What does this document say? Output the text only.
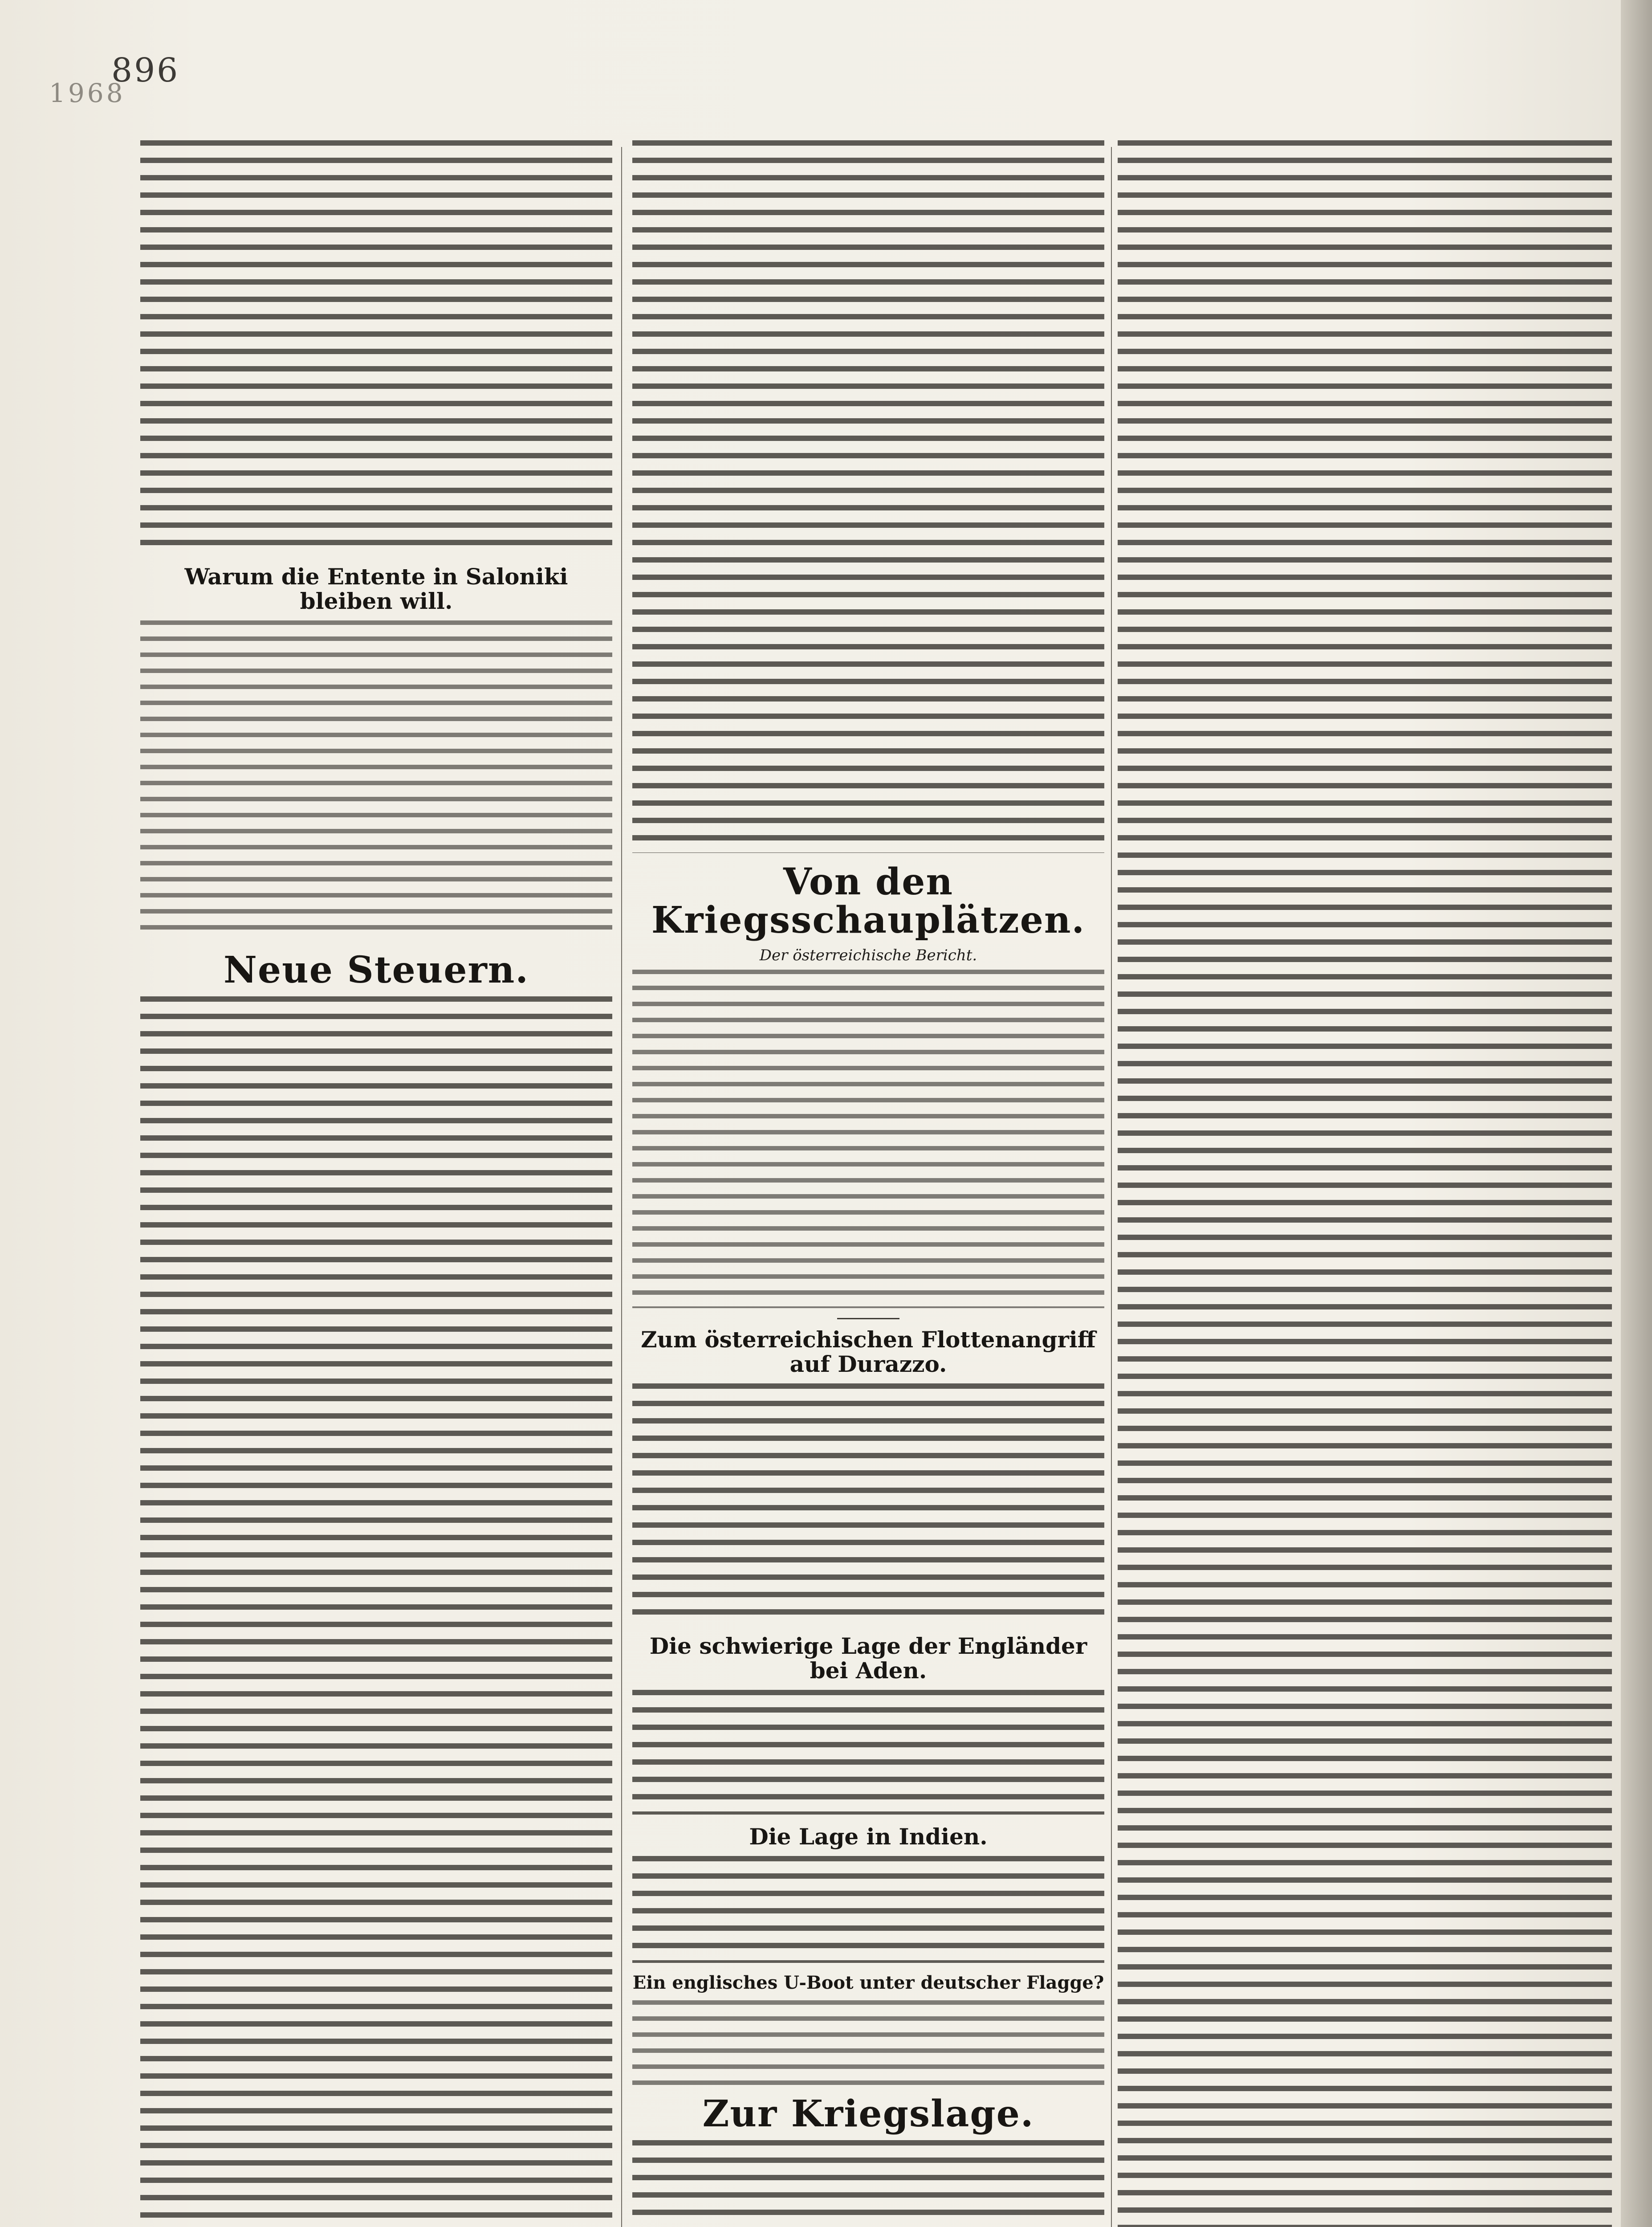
896
1968
Warum die Entente in Saloniki bleiben will.
Neue Steuern.
Von den Kriegsschauplätzen.
Der österreichische Bericht.
Zum österreichischen Flottenangriff auf Durazzo.
Die schwierige Lage der Engländer bei Aden.
Die Lage in Indien.
Ein englisches U-Boot unter deutscher Flagge?
Zur Kriegslage.
